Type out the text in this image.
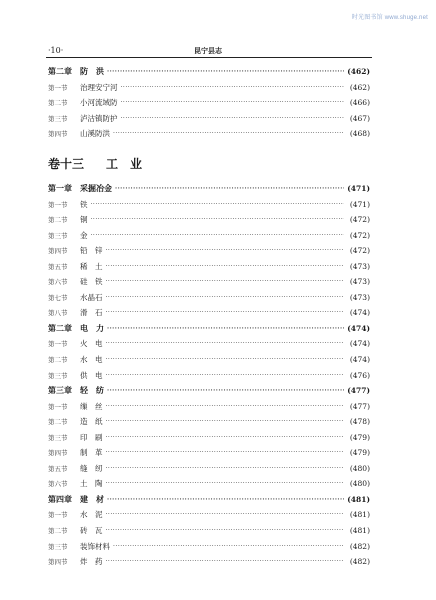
时光图书馆 www.shuge.net
·10·	昆宁县志
第二章	防　洪 ·····	(462)
第一节	治理安宁河 ·····	(462)
第二节	小河流域防 ·····	(466)
第三节	泸沽镇防护 ·····	(467)
第四节	山溪防洪 ·····	(468)
卷十三	工　业
第一章	采掘冶金 ·····	(471)
第一节	铁 ·····	(471)
第二节	铜 ·····	(472)
第三节	金 ·····	(472)
第四节	铅　锌 ·····	(472)
第五节	稀　土 ·····	(473)
第六节	硅　铁 ·····	(473)
第七节	水晶石 ·····	(473)
第八节	滑　石 ·····	(474)
第二章	电　力 ·····	(474)
第一节	火　电 ·····	(474)
第二节	水　电 ·····	(474)
第三节	供　电 ·····	(476)
第三章	轻　纺 ·····	(477)
第一节	缫　丝 ·····	(477)
第二节	造　纸 ·····	(478)
第三节	印　刷 ·····	(479)
第四节	制　革 ·····	(479)
第五节	缝　纫 ·····	(480)
第六节	土　陶 ·····	(480)
第四章	建　材 ·····	(481)
第一节	水　泥 ·····	(481)
第二节	砖　瓦 ·····	(481)
第三节	装饰材料 ·····	(482)
第四节	炸　药 ·····	(482)
